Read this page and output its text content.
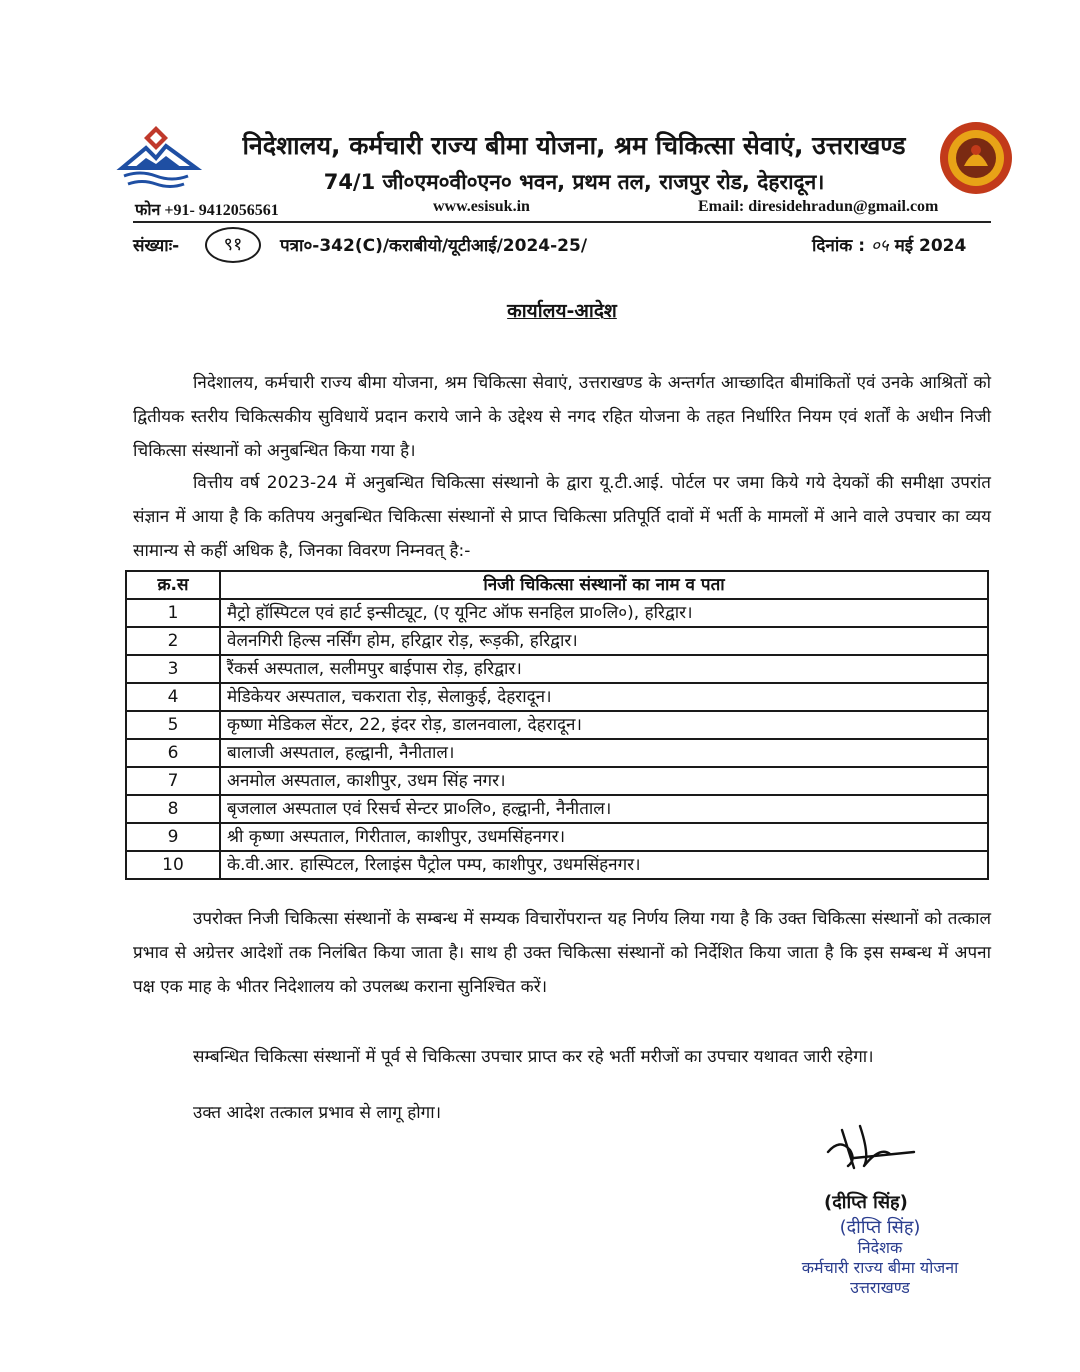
निदेशालय, कर्मचारी राज्य बीमा योजना, श्रम चिकित्सा सेवाएं, उत्तराखण्ड
74/1 जी०एम०वी०एन० भवन, प्रथम तल, राजपुर रोड, देहरादून।
फोन +91- 9412056561	www.esisuk.in	Email: diresidehradun@gmail.com
संख्याः-	९१	पत्रा०-342(C)/कराबीयो/यूटीआई/2024-25/	दिनांक : ०५ मई 2024
कार्यालय-आदेश
निदेशालय, कर्मचारी राज्य बीमा योजना, श्रम चिकित्सा सेवाएं, उत्तराखण्ड के अन्तर्गत आच्छादित बीमांकितों एवं उनके आश्रितों को द्वितीयक स्तरीय चिकित्सकीय सुविधायें प्रदान कराये जाने के उद्देश्य से नगद रहित योजना के तहत निर्धारित नियम एवं शर्तों के अधीन निजी चिकित्सा संस्थानों को अनुबन्धित किया गया है।
वित्तीय वर्ष 2023-24 में अनुबन्धित चिकित्सा संस्थानो के द्वारा यू.टी.आई. पोर्टल पर जमा किये गये देयकों की समीक्षा उपरांत संज्ञान में आया है कि कतिपय अनुबन्धित चिकित्सा संस्थानों से प्राप्त चिकित्सा प्रतिपूर्ति दावों में भर्ती के मामलों में आने वाले उपचार का व्यय सामान्य से कहीं अधिक है, जिनका विवरण निम्नवत् है:-
क्र.स	निजी चिकित्सा संस्थानों का नाम व पता
1	मैट्रो हॉस्पिटल एवं हार्ट इन्सीट्यूट, (ए यूनिट ऑफ सनहिल प्रा०लि०), हरिद्वार।
2	वेलनगिरी हिल्स नर्सिंग होम, हरिद्वार रोड़, रूड़की, हरिद्वार।
3	रैंकर्स अस्पताल, सलीमपुर बाईपास रोड़, हरिद्वार।
4	मेडिकेयर अस्पताल, चकराता रोड़, सेलाकुई, देहरादून।
5	कृष्णा मेडिकल सेंटर, 22, इंदर रोड़, डालनवाला, देहरादून।
6	बालाजी अस्पताल, हल्द्वानी, नैनीताल।
7	अनमोल अस्पताल, काशीपुर, उधम सिंह नगर।
8	बृजलाल अस्पताल एवं रिसर्च सेन्टर प्रा०लि०, हल्द्वानी, नैनीताल।
9	श्री कृष्णा अस्पताल, गिरीताल, काशीपुर, उधमसिंहनगर।
10	के.वी.आर. हास्पिटल, रिलाइंस पैट्रोल पम्प, काशीपुर, उधमसिंहनगर।
उपरोक्त निजी चिकित्सा संस्थानों के सम्बन्ध में सम्यक विचारोंपरान्त यह निर्णय लिया गया है कि उक्त चिकित्सा संस्थानों को तत्काल प्रभाव से अग्रेत्तर आदेशों तक निलंबित किया जाता है। साथ ही उक्त चिकित्सा संस्थानों को निर्देशित किया जाता है कि इस सम्बन्ध में अपना पक्ष एक माह के भीतर निदेशालय को उपलब्ध कराना सुनिश्चित करें।
सम्बन्धित चिकित्सा संस्थानों में पूर्व से चिकित्सा उपचार प्राप्त कर रहे भर्ती मरीजों का उपचार यथावत जारी रहेगा।
उक्त आदेश तत्काल प्रभाव से लागू होगा।
(दीप्ति सिंह)
(दीप्ति सिंह)
निदेशक
कर्मचारी राज्य बीमा योजना
उत्तराखण्ड
